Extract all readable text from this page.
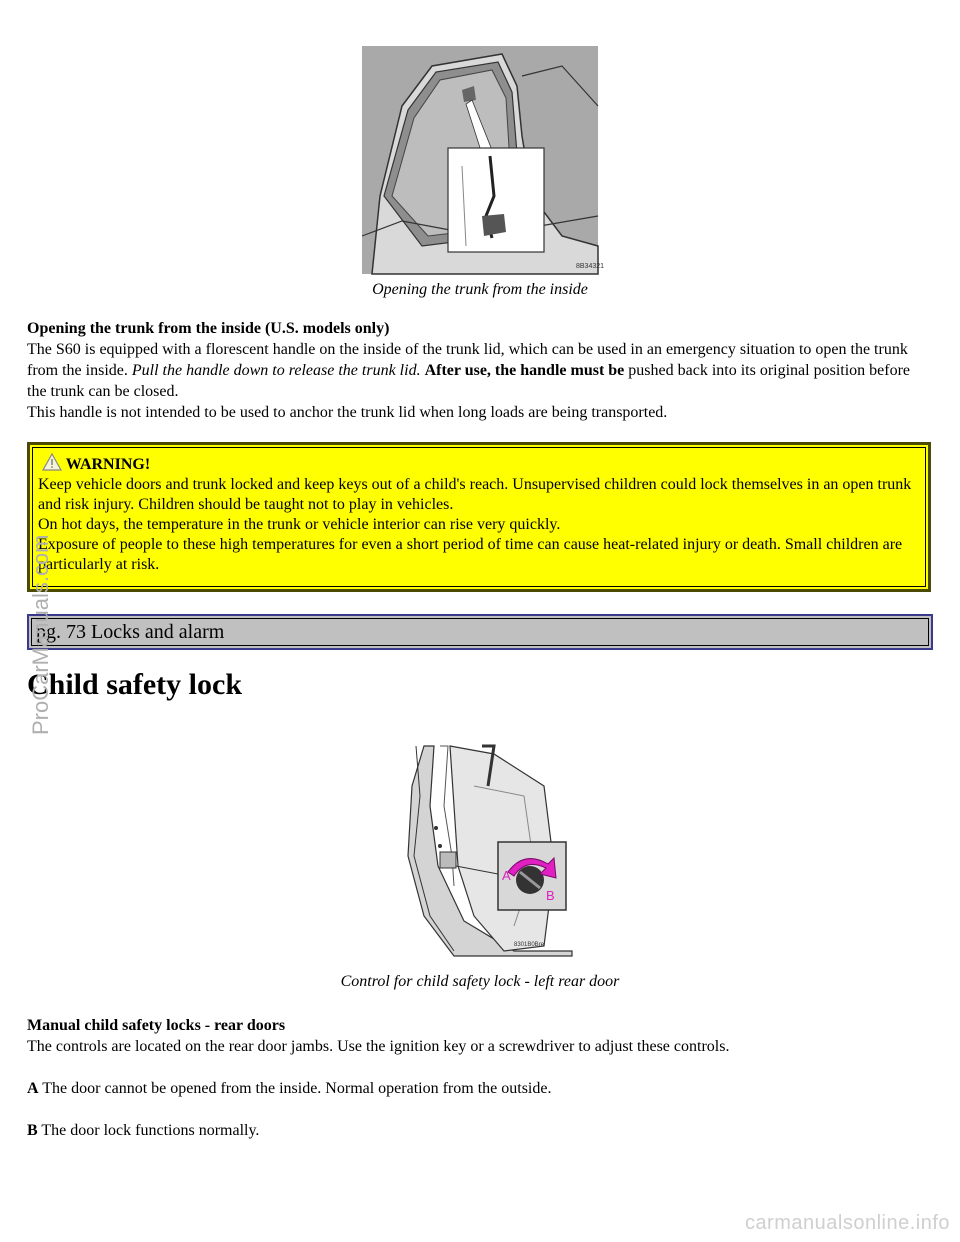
8B34321
Opening the trunk from the inside

Opening the trunk from the inside (U.S. models only)

The S60 is equipped with a florescent handle on the inside of the trunk lid, which can be used in an emergency situation to open the trunk from the inside. Pull the handle down to release the trunk lid. After use, the handle must be pushed back into its original position before the trunk can be closed.

This handle is not intended to be used to anchor the trunk lid when long loads are being transported.

WARNING!
Keep vehicle doors and trunk locked and keep keys out of a child's reach. Unsupervised children could lock themselves in an open trunk and risk injury. Children should be taught not to play in vehicles.
On hot days, the temperature in the trunk or vehicle interior can rise very quickly.
Exposure of people to these high temperatures for even a short period of time can cause heat-related injury or death. Small children are particularly at risk.
pg. 73 Locks and alarm
Child safety lock
A
B
8301B0Bre
Control for child safety lock - left rear door

Manual child safety locks - rear doors

The controls are located on the rear door jambs. Use the ignition key or a screwdriver to adjust these controls.

A The door cannot be opened from the inside. Normal operation from the outside.

B The door lock functions normally.

ProCarManuals.com
carmanualsonline.info
